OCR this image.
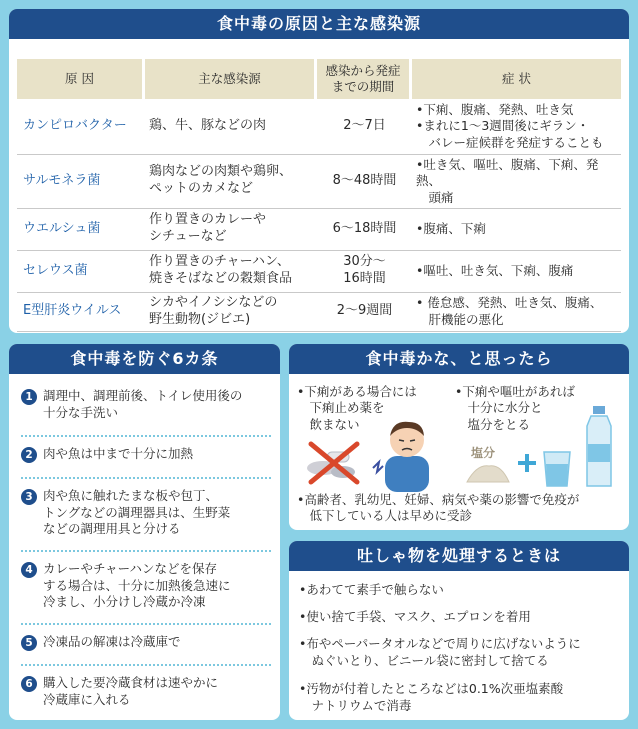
食中毒の原因と主な感染源
原 因	主な感染源	感染から発症
までの期間	症 状
カンピロバクター	鶏、牛、豚などの肉	2〜7日	•下痢、腹痛、発熱、吐き気
•まれに1〜3週間後にギラン・
　バレー症候群を発症することも

サルモネラ菌	鶏肉などの肉類や鶏卵、
ペットのカメなど	8〜48時間	•吐き気、嘔吐、腹痛、下痢、発熱、
　頭痛

ウエルシュ菌	作り置きのカレーや
シチューなど	6〜18時間	•腹痛、下痢

セレウス菌	作り置きのチャーハン、
焼きそばなどの穀類食品	30分〜
16時間	•嘔吐、吐き気、下痢、腹痛

E型肝炎ウイルス	シカやイノシシなどの
野生動物(ジビエ)	2〜9週間	• 倦怠感、発熱、吐き気、腹痛、
　肝機能の悪化
食中毒を防ぐ6カ条
1 調理中、調理前後、トイレ使用後の
十分な手洗い
2 肉や魚は中まで十分に加熱
3 肉や魚に触れたまな板や包丁、
トングなどの調理器具は、生野菜
などの調理用具と分ける
4 カレーやチャーハンなどを保存
する場合は、十分に加熱後急速に
冷まし、小分けし冷蔵か冷凍
5 冷凍品の解凍は冷蔵庫で
6 購入した要冷蔵食材は速やかに
冷蔵庫に入れる
食中毒かな、と思ったら
•下痢がある場合には
　下痢止め薬を
　飲まない
•下痢や嘔吐があれば
　十分に水分と
　塩分をとる
塩分
•高齢者、乳幼児、妊婦、病気や薬の影響で免疫が
　低下している人は早めに受診
吐しゃ物を処理するときは
•あわてて素手で触らない
•使い捨て手袋、マスク、エプロンを着用
•布やペーパータオルなどで周りに広げないように
　ぬぐいとり、ビニール袋に密封して捨てる
•汚物が付着したところなどは0.1%次亜塩素酸
　ナトリウムで消毒
